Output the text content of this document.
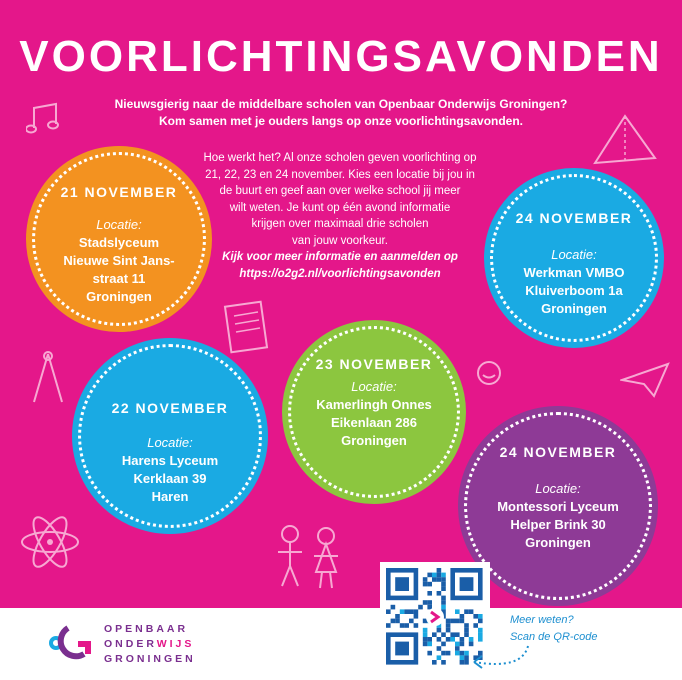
VOORLICHTINGSAVONDEN

Nieuwsgierig naar de middelbare scholen van Openbaar Onderwijs Groningen?

Kom samen met je ouders langs op onze voorlichtingsavonden.

Hoe werkt het? Al onze scholen geven voorlichting op

21, 22, 23 en 24 november. Kies een locatie bij jou in

de buurt en geef aan over welke school jij meer

wilt weten. Je kunt op één avond informatie

krijgen over maximaal drie scholen

van jouw voorkeur.

Kijk voor meer informatie en aanmelden op

https://o2g2.nl/voorlichtingsavonden

21 NOVEMBER
Locatie:
Stadslyceum
Nieuwe Sint Jans-
straat 11
Groningen
24 NOVEMBER
Locatie:
Werkman VMBO
Kluiverboom 1a
Groningen
23 NOVEMBER
Locatie:
Kamerlingh Onnes
Eikenlaan 286
Groningen
22 NOVEMBER
Locatie:
Harens Lyceum
Kerklaan 39
Haren
24 NOVEMBER
Locatie:
Montessori Lyceum
Helper Brink 30
Groningen
OPENBAAR
ONDERWIJS
GRONINGEN
Meer weten?
Scan de QR-code
